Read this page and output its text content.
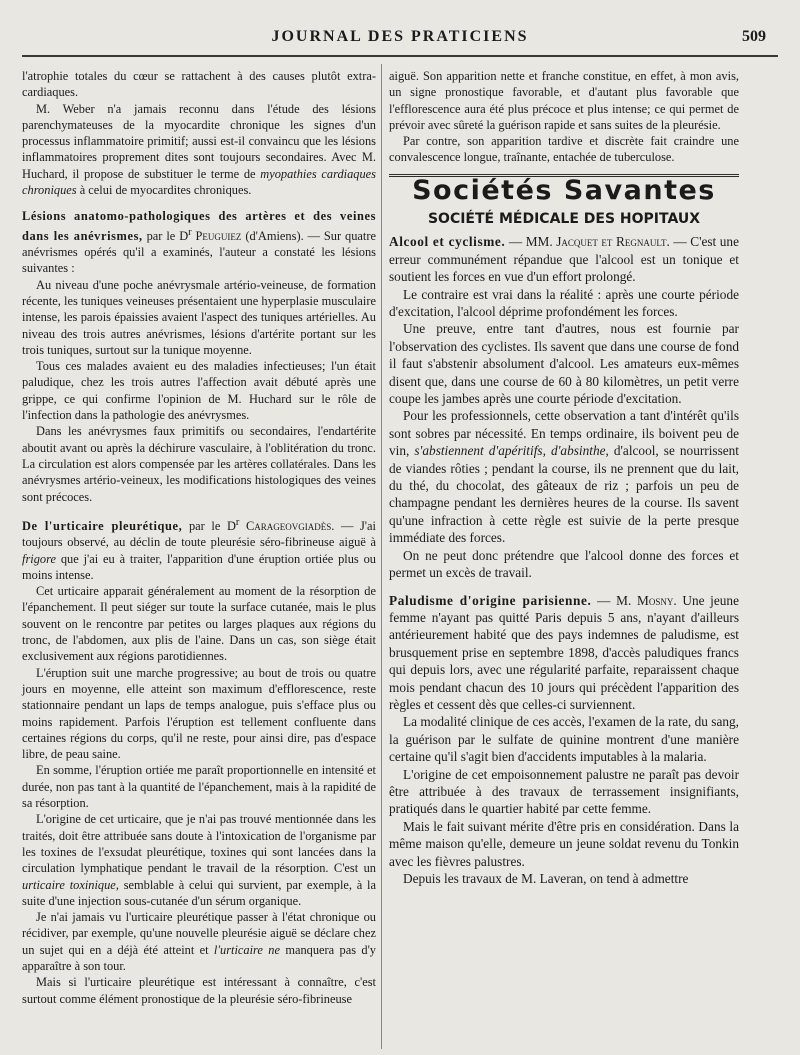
JOURNAL DES PRATICIENS	509

l'atrophie totales du cœur se rattachent à des causes plutôt extra-cardiaques.

M. Weber n'a jamais reconnu dans l'étude des lésions parenchymateuses de la myocardite chronique les signes d'un processus inflammatoire primitif; aussi est-il convaincu que les lésions inflammatoires proprement dites sont toujours secondaires. Avec M. Huchard, il propose de substituer le terme de myopathies cardiaques chroniques à celui de myocardites chroniques.

Lésions anatomo-pathologiques des artères et des veines dans les anévrismes, par le $D^r$ Peuguiez (d'Amiens). — Sur quatre anévrismes opérés qu'il a examinés, l'auteur a constaté les lésions suivantes :

Au niveau d'une poche anévrysmale artério-veineuse, de formation récente, les tuniques veineuses présentaient une hyperplasie musculaire intense, les parois épaissies avaient l'aspect des tuniques artérielles. Au niveau des trois autres anévrismes, lésions d'artérite portant sur les trois tuniques, surtout sur la tunique moyenne.

Tous ces malades avaient eu des maladies infectieuses; l'un était paludique, chez les trois autres l'affection avait débuté après une grippe, ce qui confirme l'opinion de M. Huchard sur le rôle de l'infection dans la pathologie des anévrysmes.

Dans les anévrysmes faux primitifs ou secondaires, l'endartérite aboutit avant ou après la déchirure vasculaire, à l'oblitération du tronc. La circulation est alors compensée par les artères collatérales. Dans les anévrysmes artério-veineux, les modifications histologiques des veines sont précoces.

De l'urticaire pleurétique, par le $D^r$ Carageovgiadès. — J'ai toujours observé, au déclin de toute pleurésie séro-fibrineuse aiguë à frigore que j'ai eu à traiter, l'apparition d'une éruption ortiée plus ou moins intense.

Cet urticaire apparait généralement au moment de la résorption de l'épanchement. Il peut siéger sur toute la surface cutanée, mais le plus souvent on le rencontre par petites ou larges plaques aux régions du tronc, de l'abdomen, aux plis de l'aine. Dans un cas, son siège était exclusivement aux régions parotidiennes.

L'éruption suit une marche progressive; au bout de trois ou quatre jours en moyenne, elle atteint son maximum d'efflorescence, reste stationnaire pendant un laps de temps analogue, puis s'efface plus ou moins rapidement. Parfois l'éruption est tellement confluente dans certaines régions du corps, qu'il ne reste, pour ainsi dire, pas d'espace libre, de peau saine.

En somme, l'éruption ortiée me paraît proportionnelle en intensité et durée, non pas tant à la quantité de l'épanchement, mais à la rapidité de sa résorption.

L'origine de cet urticaire, que je n'ai pas trouvé mentionnée dans les traités, doit être attribuée sans doute à l'intoxication de l'organisme par les toxines de l'exsudat pleurétique, toxines qui sont lancées dans la circulation lymphatique pendant le travail de la résorption. C'est un urticaire toxinique, semblable à celui qui survient, par exemple, à la suite d'une injection sous-cutanée d'un sérum organique.

Je n'ai jamais vu l'urticaire pleurétique passer à l'état chronique ou récidiver, par exemple, qu'une nouvelle pleurésie aiguë se déclare chez un sujet qui en a déjà été atteint et l'urticaire ne manquera pas d'y apparaître à son tour.

Mais si l'urticaire pleurétique est intéressant à connaître, c'est surtout comme élément pronostique de la pleurésie séro-fibrineuse

aiguë. Son apparition nette et franche constitue, en effet, à mon avis, un signe pronostique favorable, et d'autant plus favorable que l'efflorescence aura été plus précoce et plus intense; ce qui permet de prévoir avec sûreté la guérison rapide et sans suites de la pleurésie.

Par contre, son apparition tardive et discrète fait craindre une convalescence longue, traînante, entachée de tuberculose.

Sociétés Savantes
SOCIÉTÉ MÉDICALE DES HOPITAUX

Alcool et cyclisme. — MM. Jacquet et Regnault. — C'est une erreur communément répandue que l'alcool est un tonique et soutient les forces en vue d'un effort prolongé.

Le contraire est vrai dans la réalité : après une courte période d'excitation, l'alcool déprime profondément les forces.

Une preuve, entre tant d'autres, nous est fournie par l'observation des cyclistes. Ils savent que dans une course de fond il faut s'abstenir absolument d'alcool. Les amateurs eux-mêmes disent que, dans une course de 60 à 80 kilomètres, un petit verre coupe les jambes après une courte période d'excitation.

Pour les professionnels, cette observation a tant d'intérêt qu'ils sont sobres par nécessité. En temps ordinaire, ils boivent peu de vin, s'abstiennent d'apéritifs, d'absinthe, d'alcool, se nourrissent de viandes rôties ; pendant la course, ils ne prennent que du lait, du thé, du chocolat, des gâteaux de riz ; parfois un peu de champagne pendant les dernières heures de la course. Ils savent qu'une infraction à cette règle est suivie de la perte presque immédiate des forces.

On ne peut donc prétendre que l'alcool donne des forces et permet un excès de travail.

Paludisme d'origine parisienne. — M. Mosny. Une jeune femme n'ayant pas quitté Paris depuis 5 ans, n'ayant d'ailleurs antérieurement habité que des pays indemnes de paludisme, est brusquement prise en septembre 1898, d'accès paludiques francs qui depuis lors, avec une régularité parfaite, reparaissent chaque mois pendant chacun des 10 jours qui précèdent l'apparition des règles et cessent dès que celles-ci surviennent.

La modalité clinique de ces accès, l'examen de la rate, du sang, la guérison par le sulfate de quinine montrent d'une manière certaine qu'il s'agit bien d'accidents imputables à la malaria.

L'origine de cet empoisonnement palustre ne paraît pas devoir être attribuée à des travaux de terrassement insignifiants, pratiqués dans le quartier habité par cette femme.

Mais le fait suivant mérite d'être pris en considération. Dans la même maison qu'elle, demeure un jeune soldat revenu du Tonkin avec les fièvres palustres.

Depuis les travaux de M. Laveran, on tend à admettre
